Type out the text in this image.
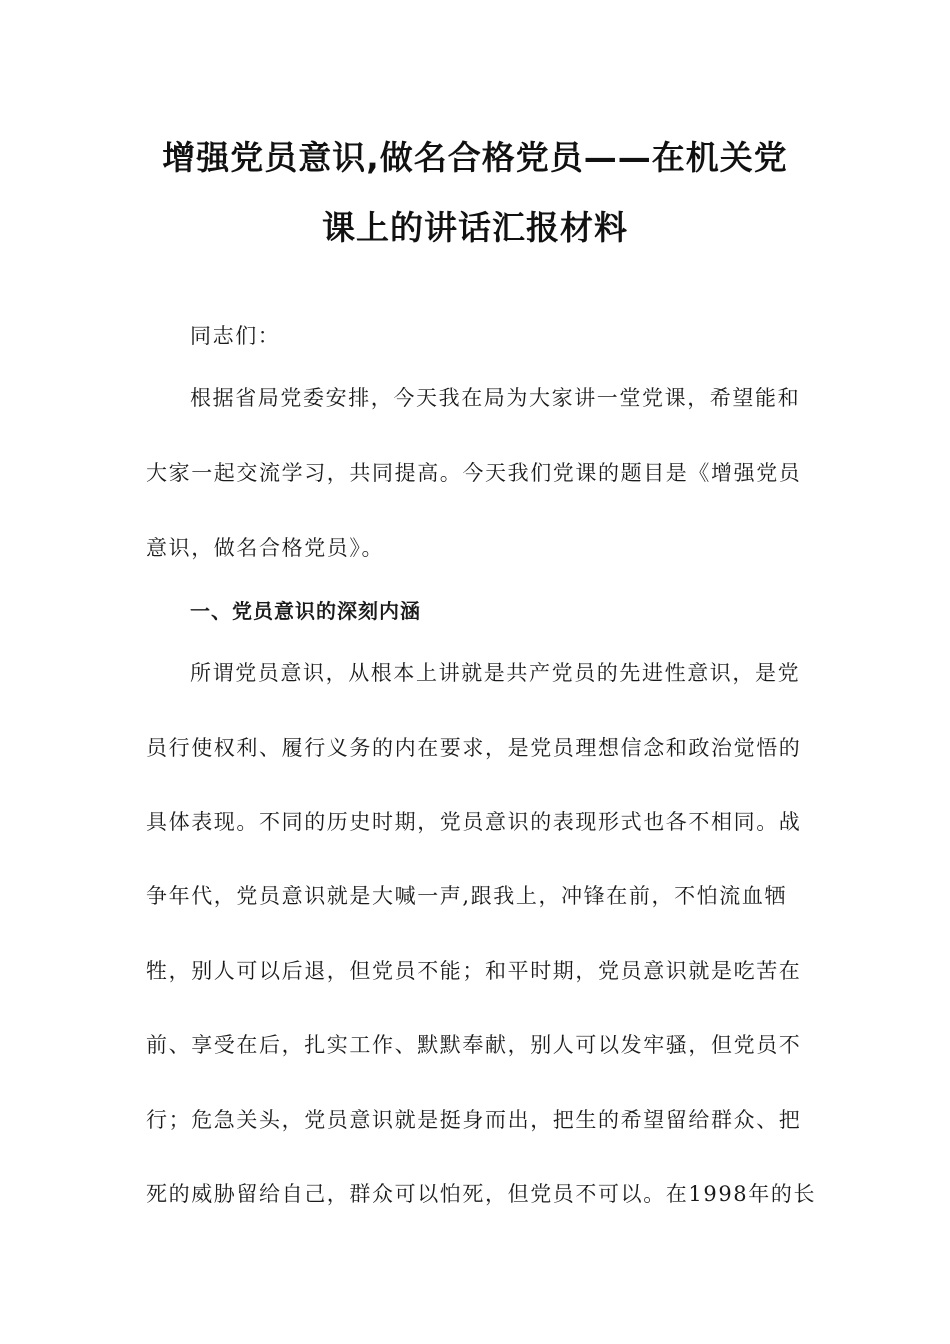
增强党员意识,做名合格党员——在机关党
课上的讲话汇报材料
同志们：
根据省局党委安排，今天我在局为大家讲一堂党课，希望能和
大家一起交流学习，共同提高。今天我们党课的题目是《增强党员
意识，做名合格党员》。
一、党员意识的深刻内涵
所谓党员意识，从根本上讲就是共产党员的先进性意识，是党
员行使权利、履行义务的内在要求，是党员理想信念和政治觉悟的
具体表现。不同的历史时期，党员意识的表现形式也各不相同。战
争年代，党员意识就是大喊一声,跟我上，冲锋在前，不怕流血牺
牲，别人可以后退，但党员不能；和平时期，党员意识就是吃苦在
前、享受在后，扎实工作、默默奉献，别人可以发牢骚，但党员不
行；危急关头，党员意识就是挺身而出，把生的希望留给群众、把
死的威胁留给自己，群众可以怕死，但党员不可以。在1998年的长
